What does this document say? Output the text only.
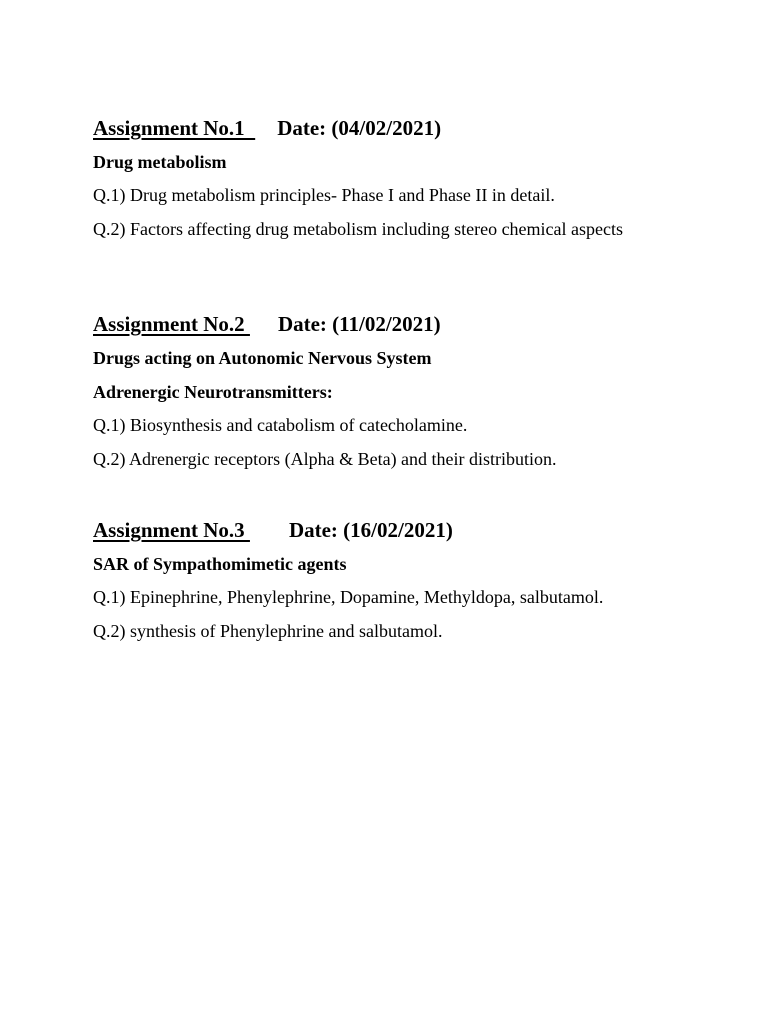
Assignment No.1  Date: (04/02/2021)
Drug metabolism
Q.1) Drug metabolism principles- Phase I and Phase II in detail.
Q.2) Factors affecting drug metabolism including stereo chemical aspects
Assignment No.2 Date: (11/02/2021)
Drugs acting on Autonomic Nervous System
Adrenergic Neurotransmitters:
Q.1) Biosynthesis and catabolism of catecholamine.
Q.2) Adrenergic receptors (Alpha & Beta) and their distribution.
Assignment No.3 Date: (16/02/2021)
SAR of Sympathomimetic agents
Q.1) Epinephrine, Phenylephrine, Dopamine, Methyldopa, salbutamol.
Q.2) synthesis of Phenylephrine and salbutamol.
